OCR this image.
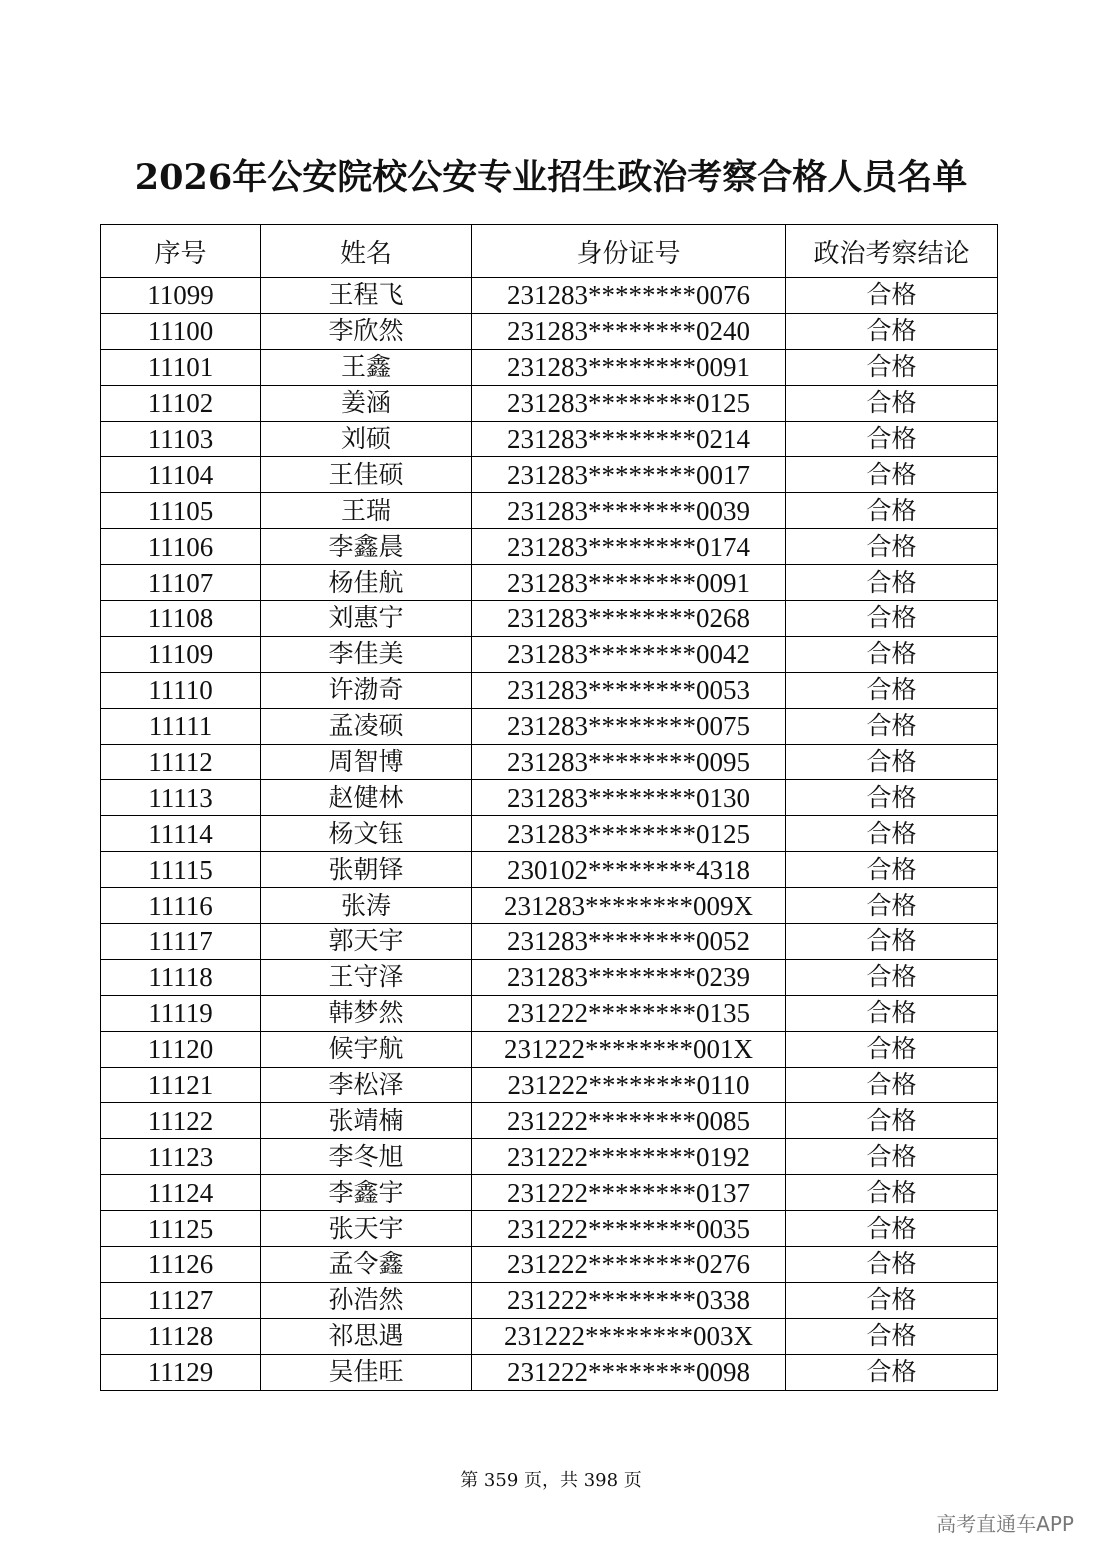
2026年公安院校公安专业招生政治考察合格人员名单
序号	姓名	身份证号	政治考察结论
11099	王程飞	231283********0076	合格
11100	李欣然	231283********0240	合格
11101	王鑫	231283********0091	合格
11102	姜涵	231283********0125	合格
11103	刘硕	231283********0214	合格
11104	王佳硕	231283********0017	合格
11105	王瑞	231283********0039	合格
11106	李鑫晨	231283********0174	合格
11107	杨佳航	231283********0091	合格
11108	刘惠宁	231283********0268	合格
11109	李佳美	231283********0042	合格
11110	许渤奇	231283********0053	合格
11111	孟凌硕	231283********0075	合格
11112	周智博	231283********0095	合格
11113	赵健林	231283********0130	合格
11114	杨文钰	231283********0125	合格
11115	张朝铎	230102********4318	合格
11116	张涛	231283********009X	合格
11117	郭天宇	231283********0052	合格
11118	王守泽	231283********0239	合格
11119	韩梦然	231222********0135	合格
11120	候宇航	231222********001X	合格
11121	李松泽	231222********0110	合格
11122	张靖楠	231222********0085	合格
11123	李冬旭	231222********0192	合格
11124	李鑫宇	231222********0137	合格
11125	张天宇	231222********0035	合格
11126	孟令鑫	231222********0276	合格
11127	孙浩然	231222********0338	合格
11128	祁思遇	231222********003X	合格
11129	吴佳旺	231222********0098	合格
第 359 页，共 398 页
高考直通车APP
